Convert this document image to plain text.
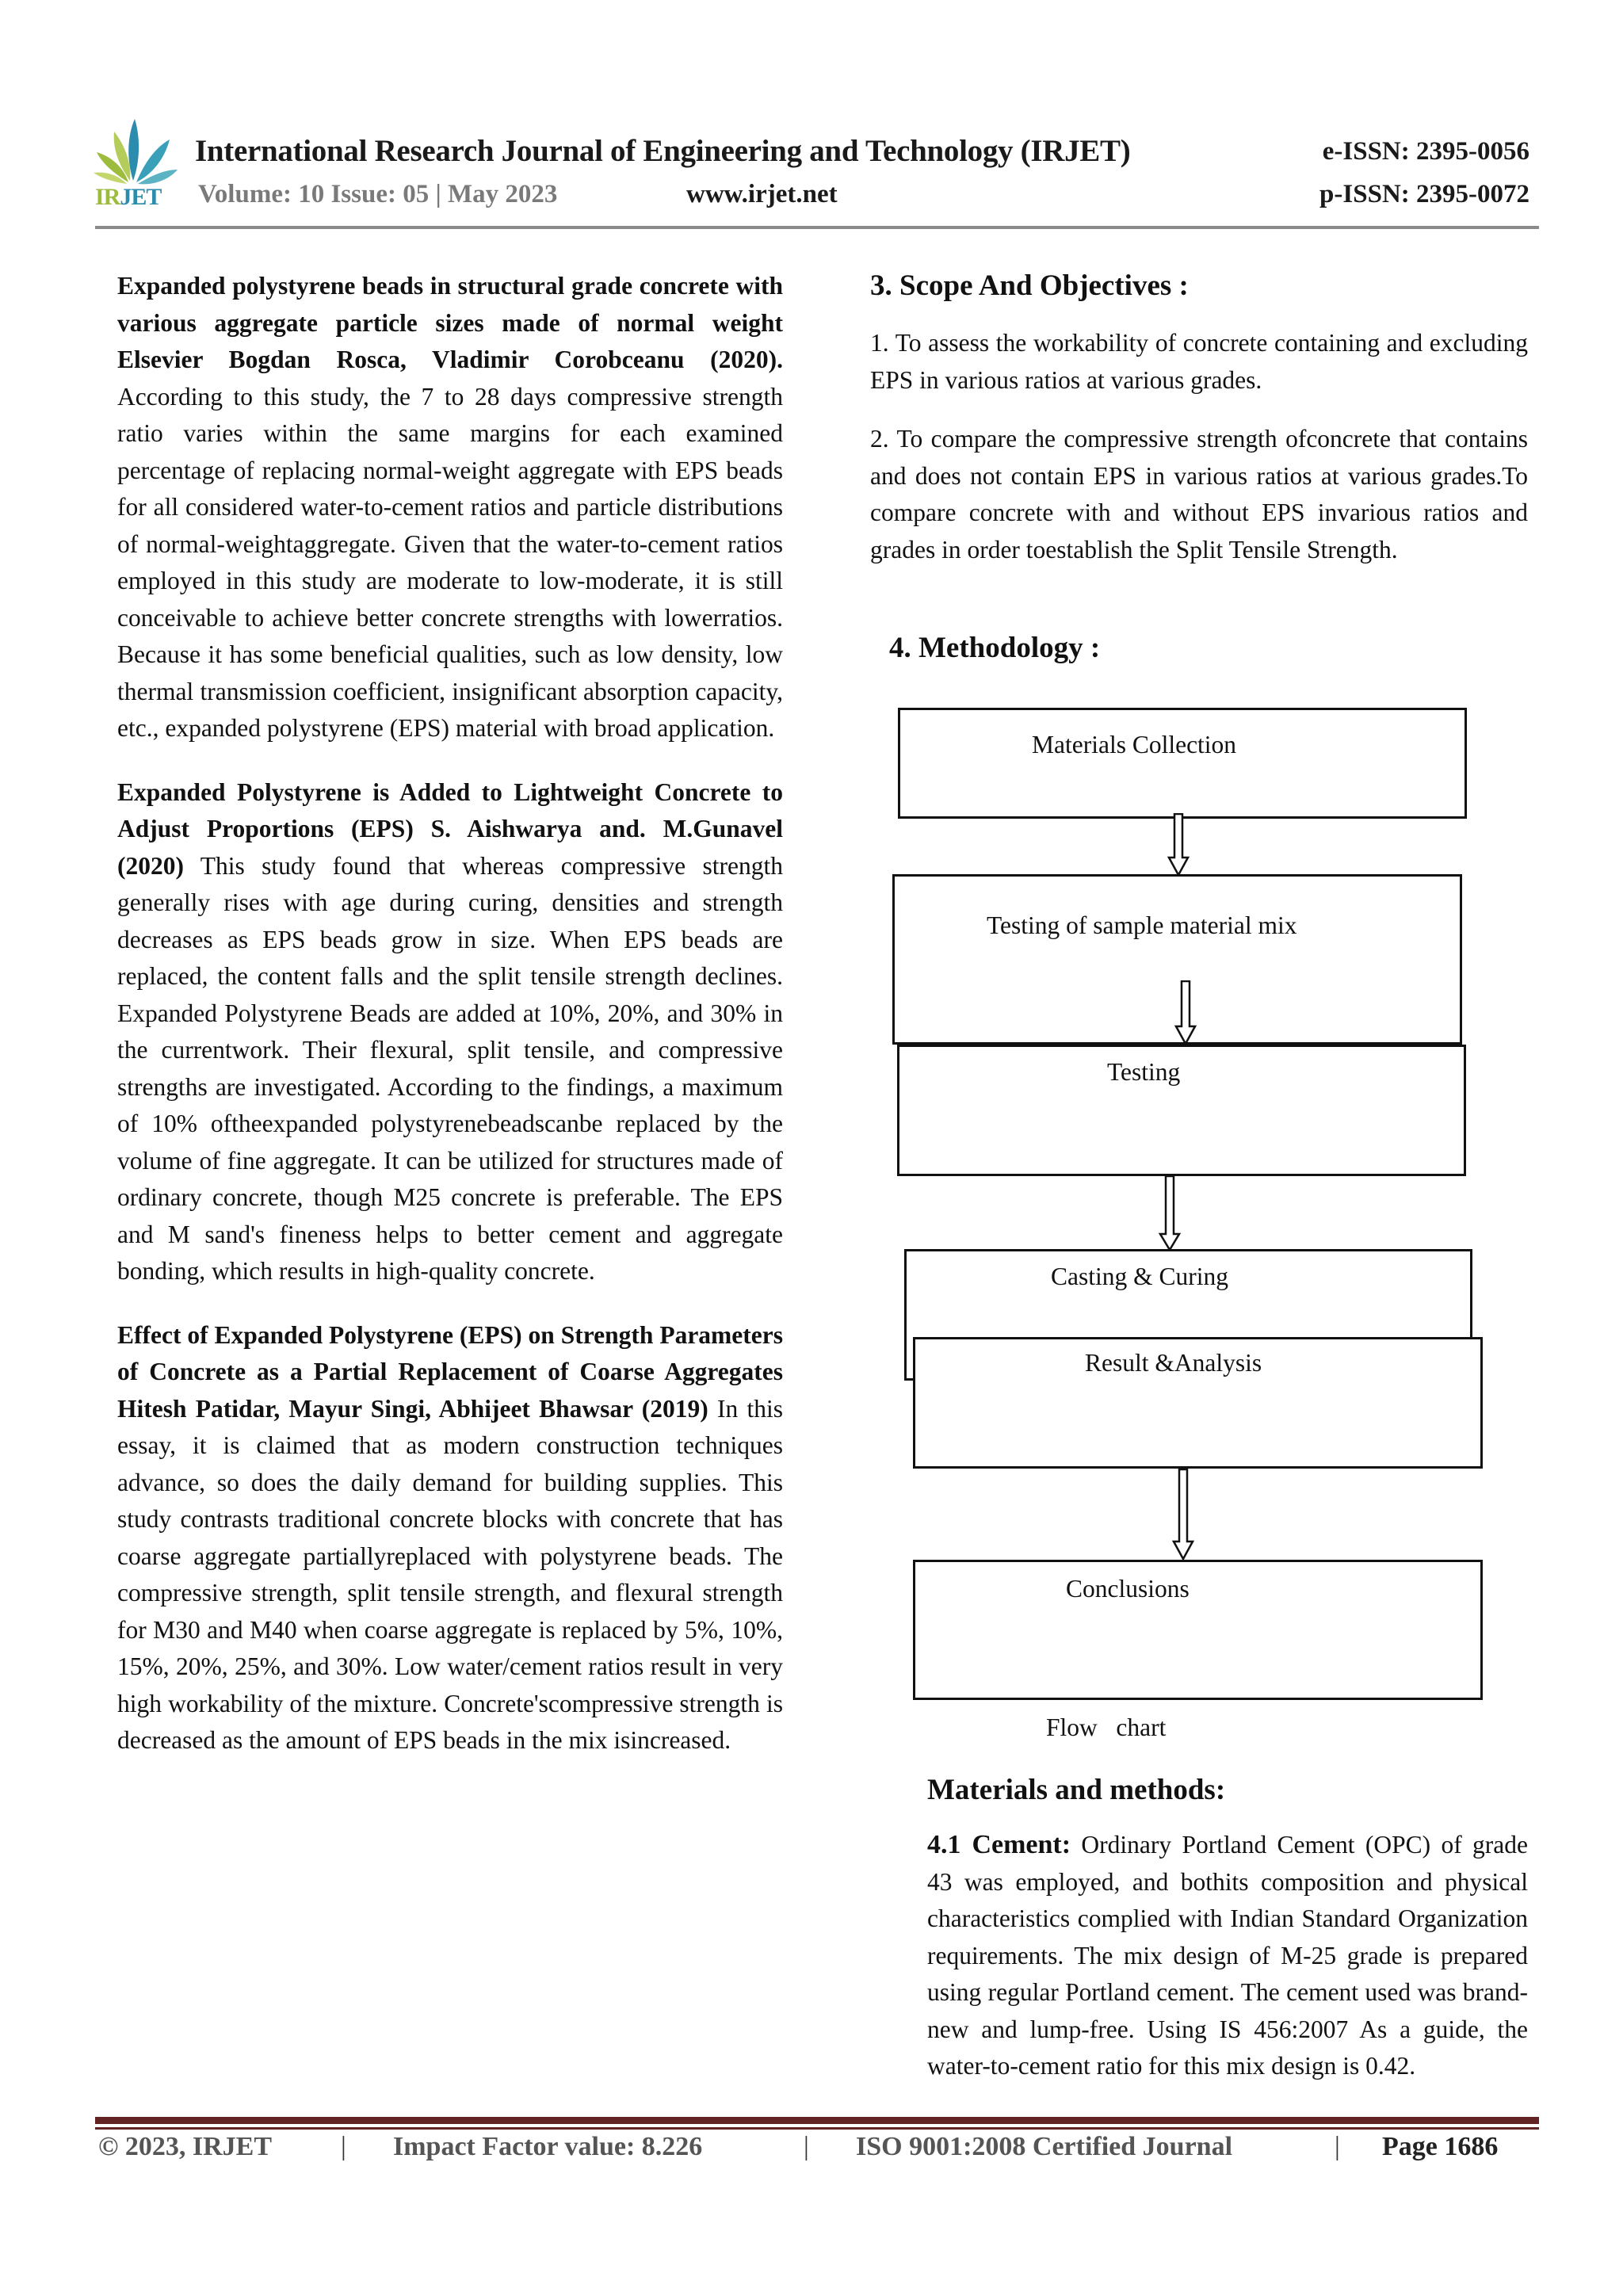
IRJET
International Research Journal of Engineering and Technology (IRJET)	e-ISSN: 2395-0056
Volume: 10 Issue: 05 | May 2023	www.irjet.net	p-ISSN: 2395-0072

Expanded polystyrene beads in structural grade concrete with various aggregate particle sizes made of normal weight Elsevier Bogdan Rosca, Vladimir Corobceanu (2020). According to this study, the 7 to 28 days compressive strength ratio varies within the same margins for each examined percentage of replacing normal-weight aggregate with EPS beads for all considered water-to-cement ratios and particle distributions of normal-weightaggregate. Given that the water-to-cement ratios employed in this study are moderate to low-moderate, it is still conceivable to achieve better concrete strengths with lowerratios. Because it has some beneficial qualities, such as low density, low thermal transmission coefficient, insignificant absorption capacity, etc., expanded polystyrene (EPS) material with broad application.

Expanded Polystyrene is Added to Lightweight Concrete to Adjust Proportions (EPS) S. Aishwarya and. M.Gunavel (2020) This study found that whereas compressive strength generally rises with age during curing, densities and strength decreases as EPS beads grow in size. When EPS beads are replaced, the content falls and the split tensile strength declines. Expanded Polystyrene Beads are added at 10%, 20%, and 30% in the currentwork. Their flexural, split tensile, and compressive strengths are investigated. According to the findings, a maximum of 10% oftheexpanded polystyrenebeadscanbe replaced by the volume of fine aggregate. It can be utilized for structures made of ordinary concrete, though M25 concrete is preferable. The EPS and M sand's fineness helps to better cement and aggregate bonding, which results in high-quality concrete.

Effect of Expanded Polystyrene (EPS) on Strength Parameters of Concrete as a Partial Replacement of Coarse Aggregates Hitesh Patidar, Mayur Singi, Abhijeet Bhawsar (2019) In this essay, it is claimed that as modern construction techniques advance, so does the daily demand for building supplies. This study contrasts traditional concrete blocks with concrete that has coarse aggregate partiallyreplaced with polystyrene beads. The compressive strength, split tensile strength, and flexural strength for M30 and M40 when coarse aggregate is replaced by 5%, 10%, 15%, 20%, 25%, and 30%. Low water/cement ratios result in very high workability of the mixture. Concrete'scompressive strength is decreased as the amount of EPS beads in the mix isincreased.

3. Scope And Objectives :

1. To assess the workability of concrete containing and excluding EPS in various ratios at various grades.

2. To compare the compressive strength ofconcrete that contains and does not contain EPS in various ratios at various grades.To compare concrete with and without EPS invarious ratios and grades in order toestablish the Split Tensile Strength.

4. Methodology :
Materials Collection
Testing of sample material mix
Testing
Casting & Curing
Result &Analysis
Conclusions
Flow   chart
Materials and methods:

4.1 Cement: Ordinary Portland Cement (OPC) of grade 43 was employed, and bothits composition and physical characteristics complied with Indian Standard Organization requirements. The mix design of M-25 grade is prepared using regular Portland cement. The cement used was brand-new and lump-free. Using IS 456:2007 As a guide, the water-to-cement ratio for this mix design is 0.42.

© 2023, IRJET	| Impact Factor value: 8.226	| ISO 9001:2008 Certified Journal	| Page 1686
